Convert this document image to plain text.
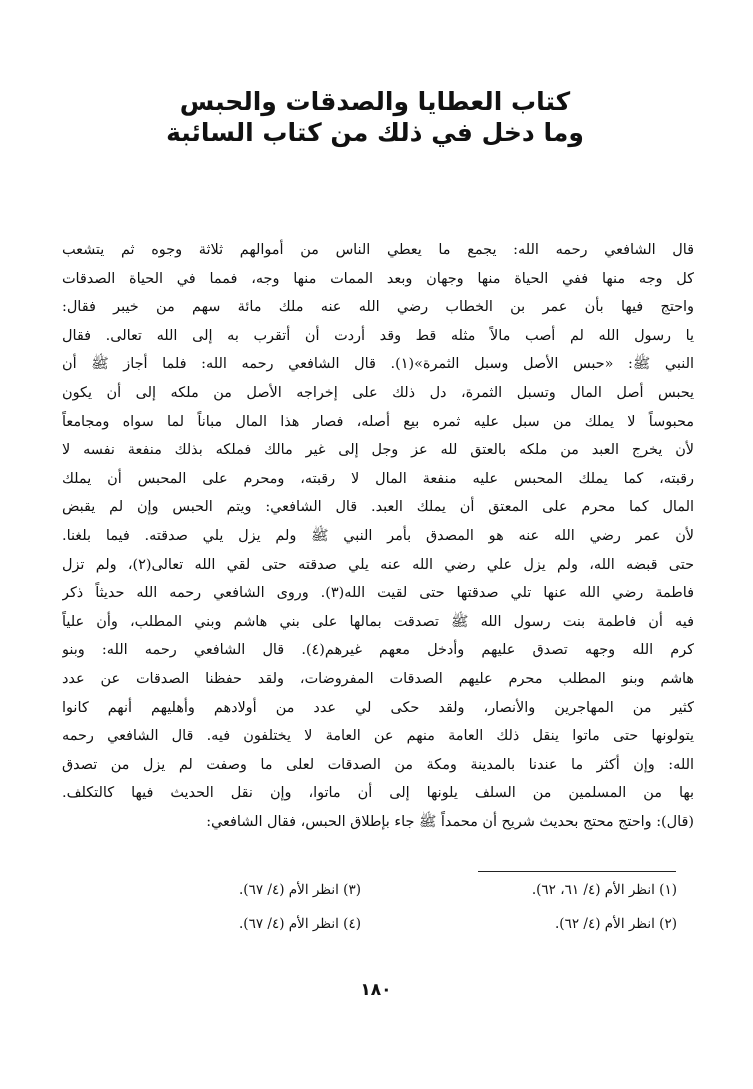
كتاب العطايا والصدقات والحبس
وما دخل في ذلك من كتاب السائبة
قال الشافعي رحمه الله: يجمع ما يعطي الناس من أموالهم ثلاثة وجوه ثم يتشعب
كل وجه منها ففي الحياة منها وجهان وبعد الممات منها وجه، فمما في الحياة الصدقات
واحتج فيها بأن عمر بن الخطاب رضي الله عنه ملك مائة سهم من خيبر فقال:
يا رسول الله لم أصب مالاً مثله قط وقد أردت أن أتقرب به إلى الله تعالى. فقال
النبي ﷺ: «حبس الأصل وسبل الثمرة»(١). قال الشافعي رحمه الله: فلما أجاز ﷺ أن
يحبس أصل المال وتسبل الثمرة، دل ذلك على إخراجه الأصل من ملكه إلى أن يكون
محبوساً لا يملك من سبل عليه ثمره بيع أصله، فصار هذا المال مباناً لما سواه ومجامعاً
لأن يخرج العبد من ملكه بالعتق لله عز وجل إلى غير مالك فملكه بذلك منفعة نفسه لا
رقبته، كما يملك المحبس عليه منفعة المال لا رقبته، ومحرم على المحبس أن يملك
المال كما محرم على المعتق أن يملك العبد. قال الشافعي: ويتم الحبس وإن لم يقبض
لأن عمر رضي الله عنه هو المصدق بأمر النبي ﷺ ولم يزل يلي صدقته. فيما بلغنا.
حتى قبضه الله، ولم يزل علي رضي الله عنه يلي صدقته حتى لقي الله تعالى(٢)، ولم تزل
فاطمة رضي الله عنها تلي صدقتها حتى لقيت الله(٣). وروى الشافعي رحمه الله حديثاً ذكر
فيه أن فاطمة بنت رسول الله ﷺ تصدقت بمالها على بني هاشم وبني المطلب، وأن علياً
كرم الله وجهه تصدق عليهم وأدخل معهم غيرهم(٤). قال الشافعي رحمه الله: وبنو
هاشم وبنو المطلب محرم عليهم الصدقات المفروضات، ولقد حفظنا الصدقات عن عدد
كثير من المهاجرين والأنصار، ولقد حكى لي عدد من أولادهم وأهليهم أنهم كانوا
يتولونها حتى ماتوا ينقل ذلك العامة منهم عن العامة لا يختلفون فيه. قال الشافعي رحمه
الله: وإن أكثر ما عندنا بالمدينة ومكة من الصدقات لعلى ما وصفت لم يزل من تصدق
بها من المسلمين من السلف يلونها إلى أن ماتوا، وإن نقل الحديث فيها كالتكلف.
(قال): واحتج محتج بحديث شريح أن محمداً ﷺ جاء بإطلاق الحبس، فقال الشافعي:
(١) انظر الأم (٤/ ٦١، ٦٢).
(٢) انظر الأم (٤/ ٦٢).
(٣) انظر الأم (٤/ ٦٧).
(٤) انظر الأم (٤/ ٦٧).
١٨٠
